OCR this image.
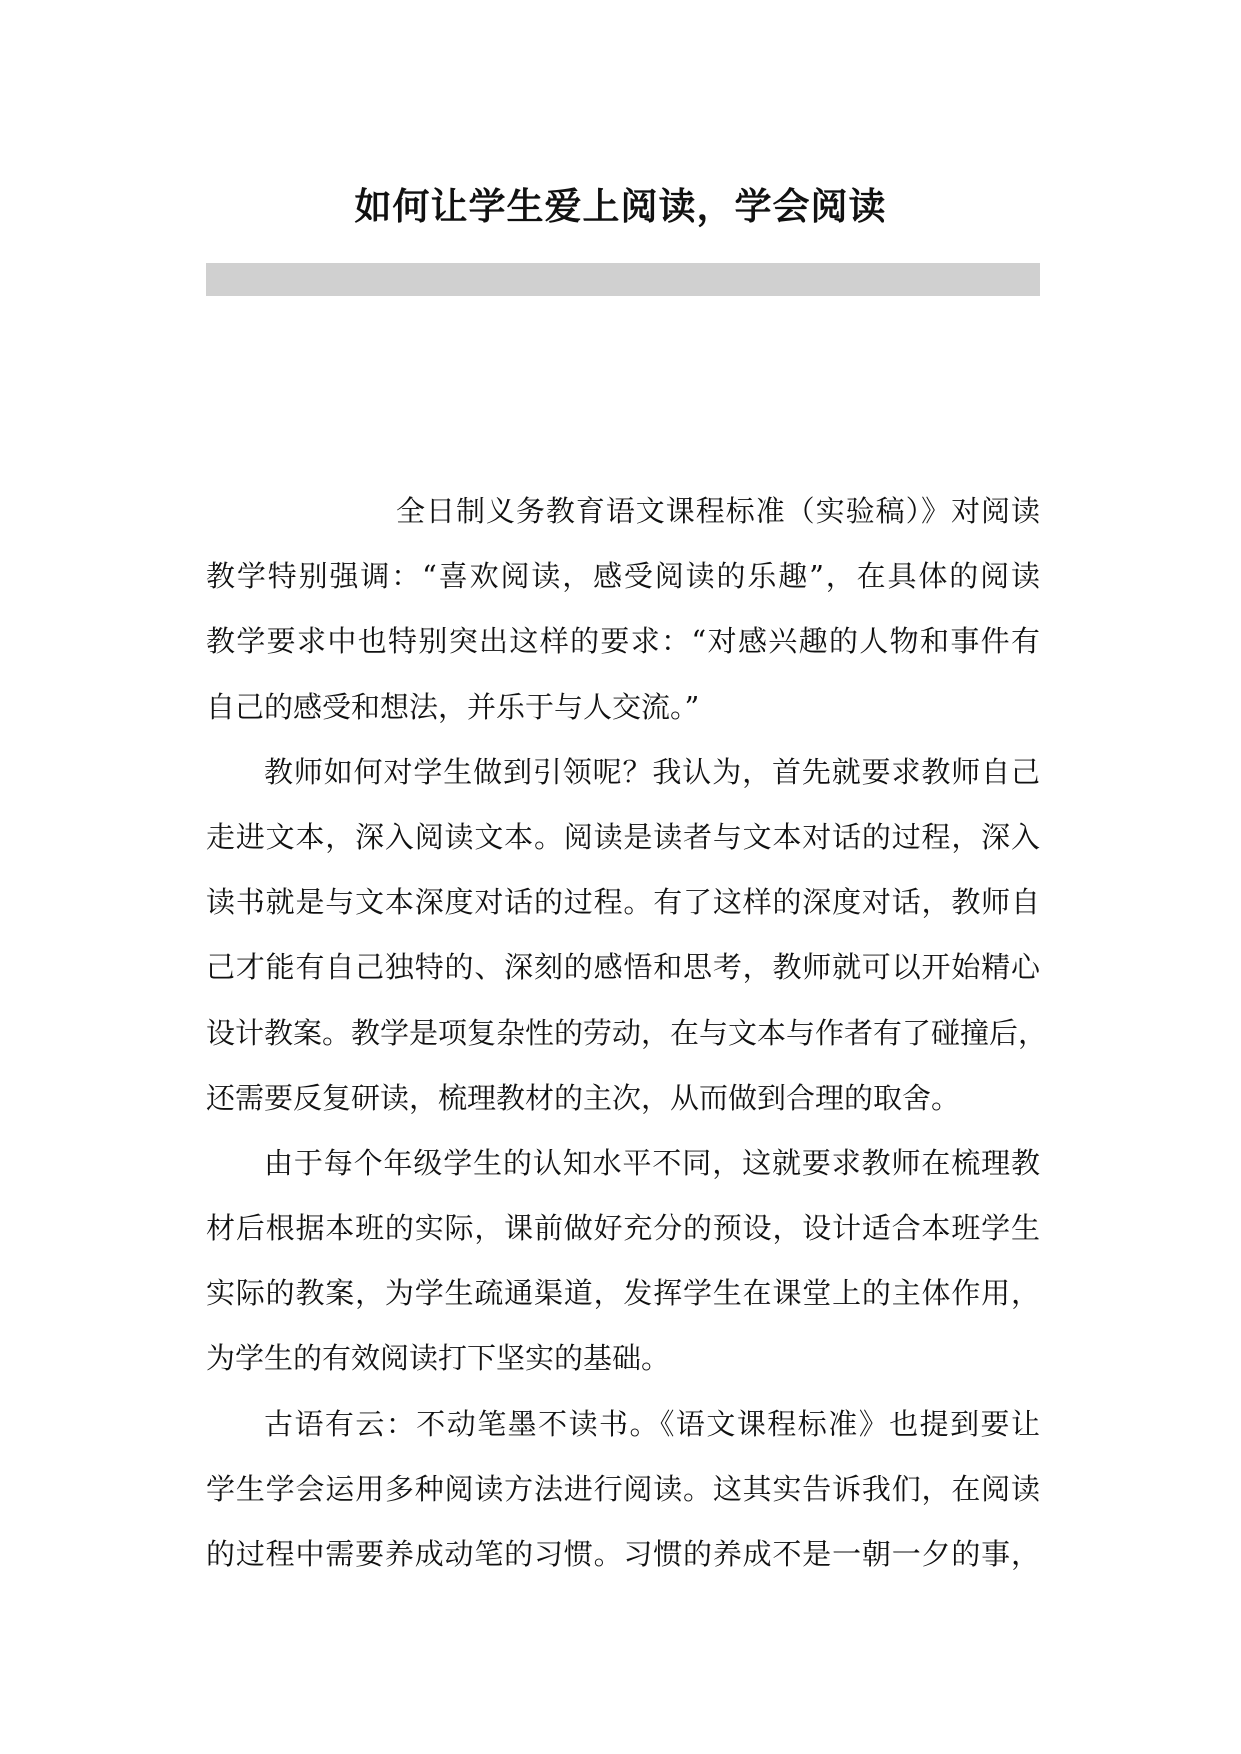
如何让学生爱上阅读，学会阅读
全日制义务教育语文课程标准（实验稿）》对阅读
教学特别强调：“喜欢阅读，感受阅读的乐趣”，在具体的阅读
教学要求中也特别突出这样的要求：“对感兴趣的人物和事件有
自己的感受和想法，并乐于与人交流。”
教师如何对学生做到引领呢？我认为，首先就要求教师自己
走进文本，深入阅读文本。阅读是读者与文本对话的过程，深入
读书就是与文本深度对话的过程。有了这样的深度对话，教师自
己才能有自己独特的、深刻的感悟和思考，教师就可以开始精心
设计教案。教学是项复杂性的劳动，在与文本与作者有了碰撞后，
还需要反复研读，梳理教材的主次，从而做到合理的取舍。
由于每个年级学生的认知水平不同，这就要求教师在梳理教
材后根据本班的实际，课前做好充分的预设，设计适合本班学生
实际的教案，为学生疏通渠道，发挥学生在课堂上的主体作用，
为学生的有效阅读打下坚实的基础。
古语有云：不动笔墨不读书。《语文课程标准》也提到要让
学生学会运用多种阅读方法进行阅读。这其实告诉我们，在阅读
的过程中需要养成动笔的习惯。习惯的养成不是一朝一夕的事，
